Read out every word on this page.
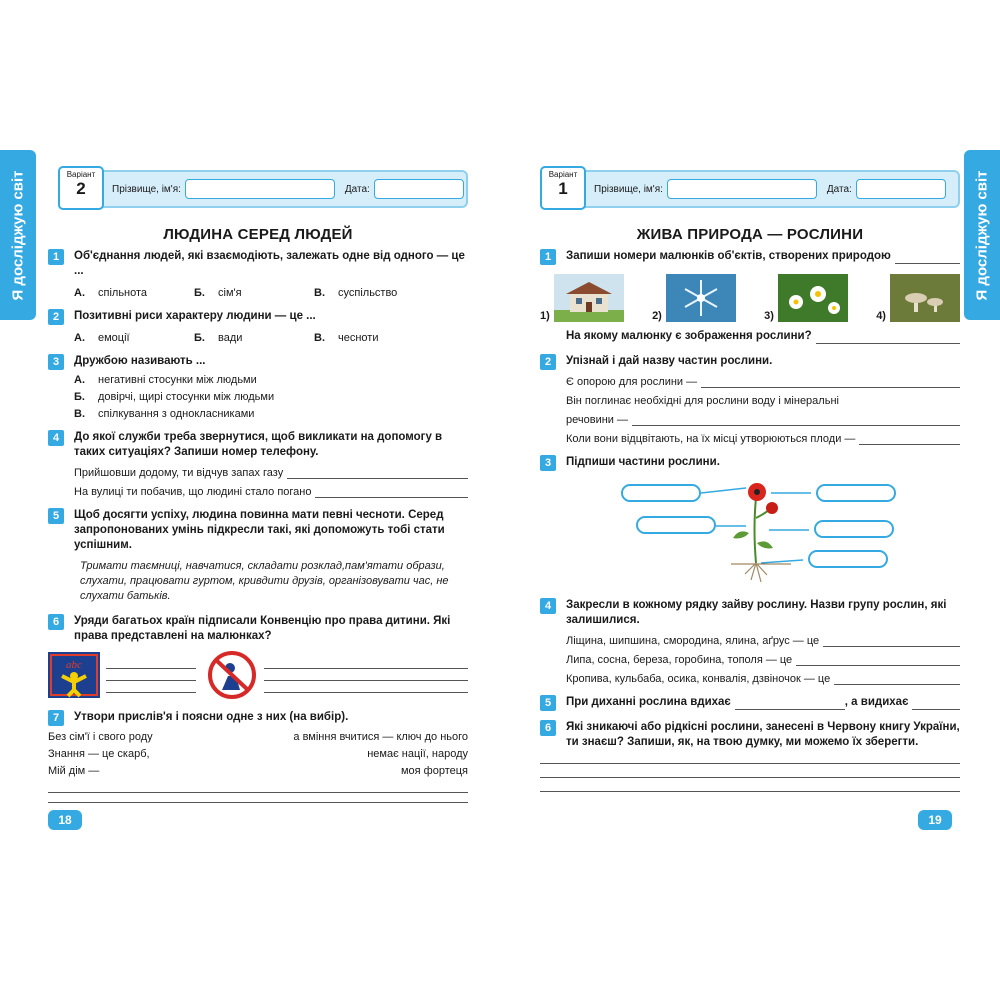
Я досліджую світ	Я досліджую світ
Варіант
2	Прізвище, ім'я:	Дата:
ЛЮДИНА СЕРЕД ЛЮДЕЙ
1	Об'єднання людей, які взаємодіють, залежать одне від одного — це ...
А.	спільнота	Б.	сім'я	В.	суспільство
2	Позитивні риси характеру людини — це ...
А.	емоції	Б.	вади	В.	чесноти
3	Дружбою називають ...
А.	негативні стосунки між людьми
Б.	довірчі, щирі стосунки між людьми
В.	спілкування з однокласниками
4	До якої служби треба звернутися, щоб викликати на допомогу в таких ситуаціях? Запиши номер телефону.
Прийшовши додому, ти відчув запах газу
На вулиці ти побачив, що людині стало погано
5	Щоб досягти успіху, людина повинна мати певні чесноти. Серед запропонованих умінь підкресли такі, які допоможуть тобі стати успішним.
Тримати таємниці, навчатися, складати розклад,пам'ятати образи, слухати, працювати гуртом, кривдити друзів, організовувати час, не слухати батьків.
6	Уряди багатьох країн підписали Конвенцію про права дитини. Які права представлені на малюнках?
abc
7	Утвори прислів'я і поясни одне з них (на вибір).
Без сім'ї і свого роду	а вміння вчитися — ключ до нього
Знання — це скарб,	немає нації, народу
Мій дім —	моя фортеця
18
Варіант
1	Прізвище, ім'я:	Дата:
ЖИВА ПРИРОДА — РОСЛИНИ
1	Запиши номери малюнків об'єктів, створених природою
1)	2)	3)	4)
На якому малюнку є зображення рослини?
2	Упізнай і дай назву частин рослини.
Є опорою для рослини —
Він поглинає необхідні для рослини воду і мінеральні
речовини —
Коли вони відцвітають, на їх місці утворюються плоди —
3	Підпиши частини рослини.
4	Закресли в кожному рядку зайву рослину. Назви групу рослин, які залишилися.
Ліщина, шипшина, смородина, ялина, аґрус — це
Липа, сосна, береза, горобина, тополя — це
Кропива, кульбаба, осика, конвалія, дзвіночок — це
5	При диханні рослина вдихає	, а видихає
6	Які зникаючі або рідкісні рослини, занесені в Червону книгу України, ти знаєш? Запиши, як, на твою думку, ми можемо їх зберегти.
19
